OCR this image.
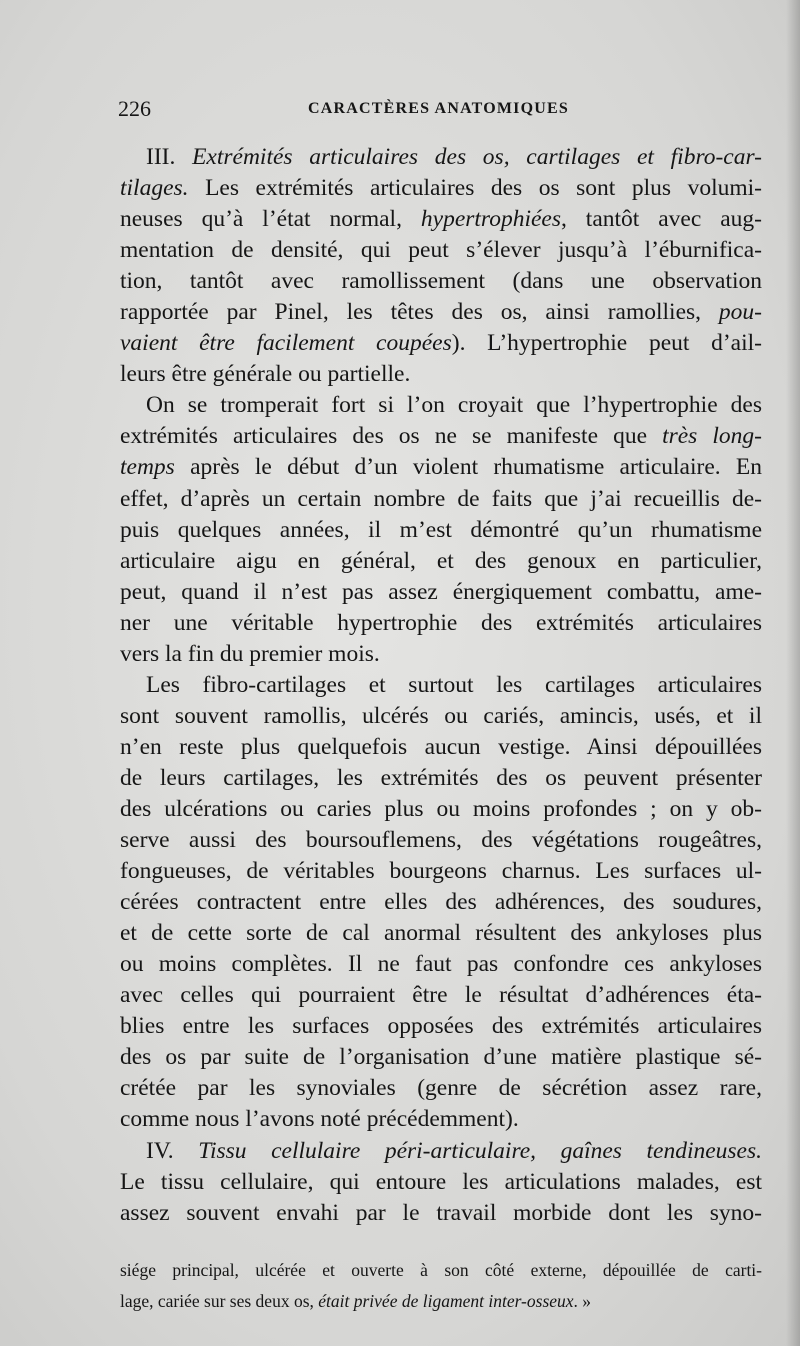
226	CARACTÈRES ANATOMIQUES
III. Extrémités articulaires des os, cartilages et fibro-car-
tilages. Les extrémités articulaires des os sont plus volumi-
neuses qu’à l’état normal, hypertrophiées, tantôt avec aug-
mentation de densité, qui peut s’élever jusqu’à l’éburnifica-
tion, tantôt avec ramollissement (dans une observation
rapportée par Pinel, les têtes des os, ainsi ramollies, pou-
vaient être facilement coupées). L’hypertrophie peut d’ail-
leurs être générale ou partielle.
On se tromperait fort si l’on croyait que l’hypertrophie des
extrémités articulaires des os ne se manifeste que très long-
temps après le début d’un violent rhumatisme articulaire. En
effet, d’après un certain nombre de faits que j’ai recueillis de-
puis quelques années, il m’est démontré qu’un rhumatisme
articulaire aigu en général, et des genoux en particulier,
peut, quand il n’est pas assez énergiquement combattu, ame-
ner une véritable hypertrophie des extrémités articulaires
vers la fin du premier mois.
Les fibro-cartilages et surtout les cartilages articulaires
sont souvent ramollis, ulcérés ou cariés, amincis, usés, et il
n’en reste plus quelquefois aucun vestige. Ainsi dépouillées
de leurs cartilages, les extrémités des os peuvent présenter
des ulcérations ou caries plus ou moins profondes ; on y ob-
serve aussi des boursouflemens, des végétations rougeâtres,
fongueuses, de véritables bourgeons charnus. Les surfaces ul-
cérées contractent entre elles des adhérences, des soudures,
et de cette sorte de cal anormal résultent des ankyloses plus
ou moins complètes. Il ne faut pas confondre ces ankyloses
avec celles qui pourraient être le résultat d’adhérences éta-
blies entre les surfaces opposées des extrémités articulaires
des os par suite de l’organisation d’une matière plastique sé-
crétée par les synoviales (genre de sécrétion assez rare,
comme nous l’avons noté précédemment).
IV. Tissu cellulaire péri-articulaire, gaînes tendineuses.
Le tissu cellulaire, qui entoure les articulations malades, est
assez souvent envahi par le travail morbide dont les syno-
siége principal, ulcérée et ouverte à son côté externe, dépouillée de carti-
lage, cariée sur ses deux os, était privée de ligament inter-osseux. »
